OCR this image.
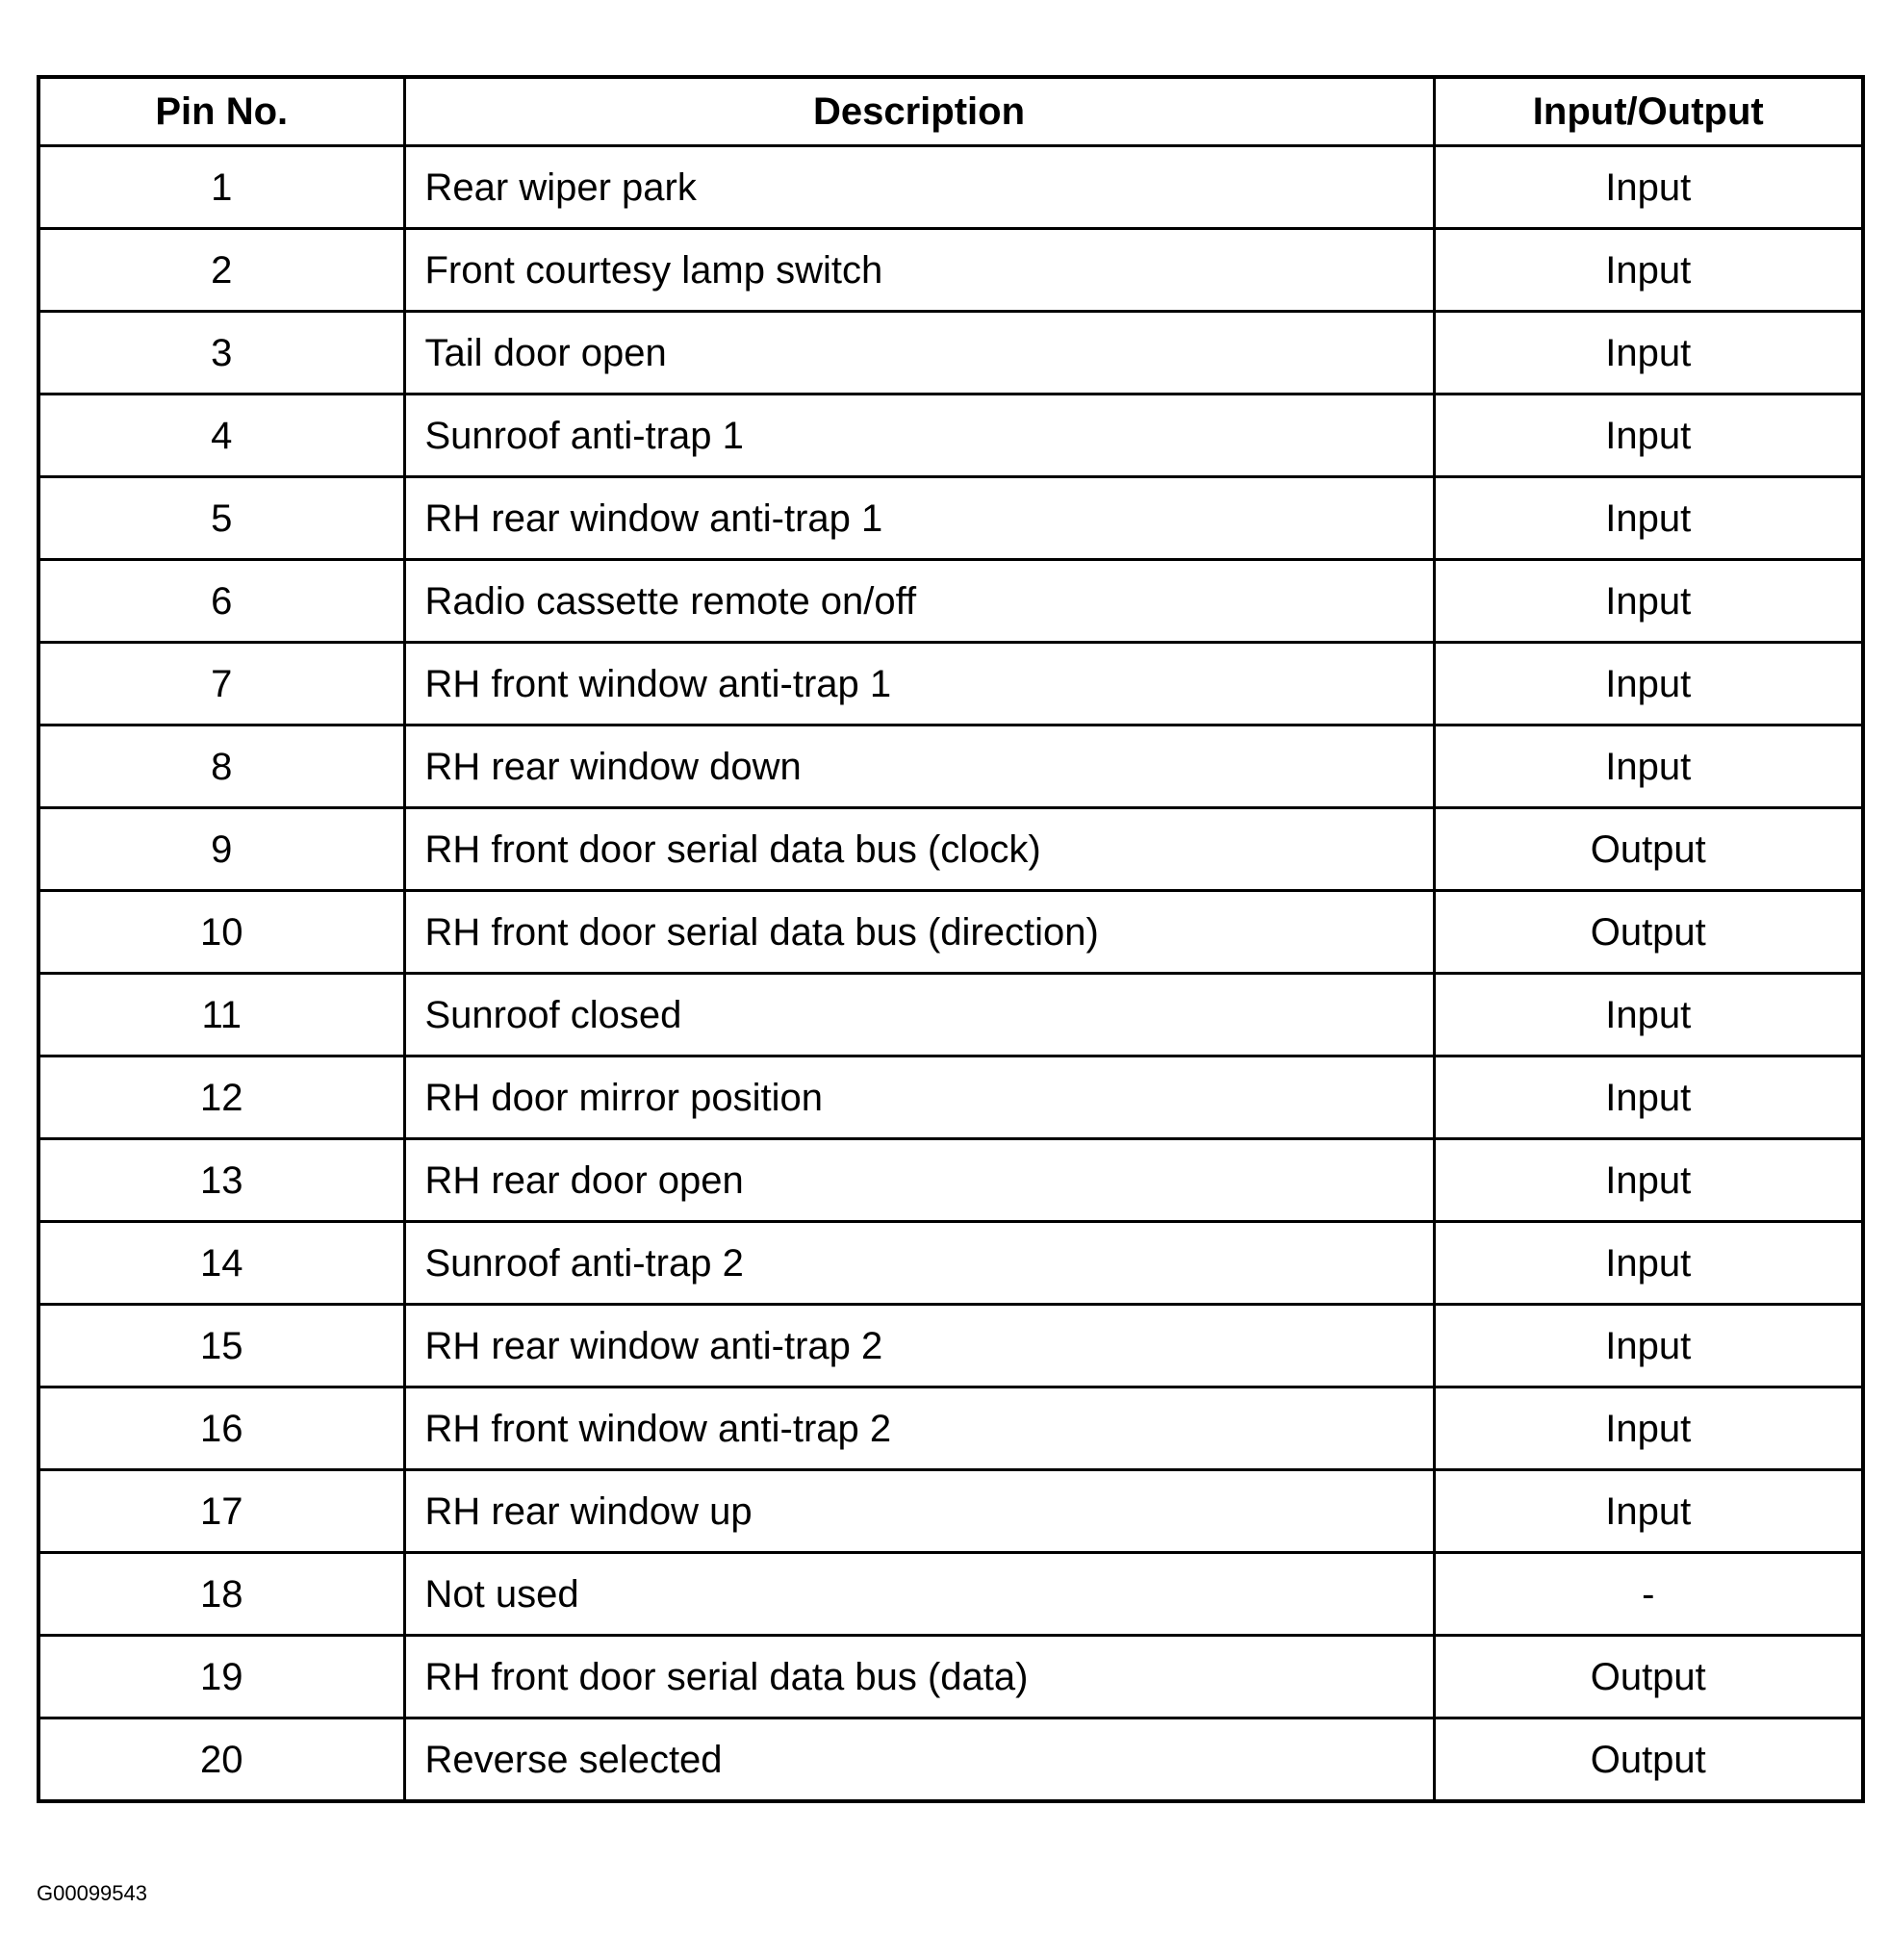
Pin No.	Description	Input/Output
1	Rear wiper park	Input
2	Front courtesy lamp switch	Input
3	Tail door open	Input
4	Sunroof anti-trap 1	Input
5	RH rear window anti-trap 1	Input
6	Radio cassette remote on/off	Input
7	RH front window anti-trap 1	Input
8	RH rear window down	Input
9	RH front door serial data bus (clock)	Output
10	RH front door serial data bus (direction)	Output
11	Sunroof closed	Input
12	RH door mirror position	Input
13	RH rear door open	Input
14	Sunroof anti-trap 2	Input
15	RH rear window anti-trap 2	Input
16	RH front window anti-trap 2	Input
17	RH rear window up	Input
18	Not used	-
19	RH front door serial data bus (data)	Output
20	Reverse selected	Output
G00099543
